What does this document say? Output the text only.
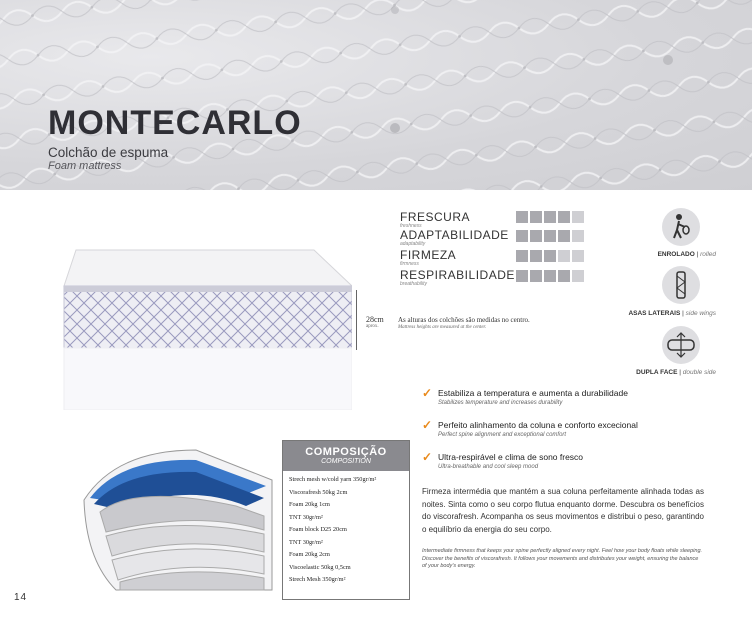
MONTECARLO
Colchão de espuma
Foam mattress
28cm
aprox.
As alturas dos colchões são medidas no centro.
Mattress heights are measured at the center.
FRESCURA
freshness
ADAPTABILIDADE
adaptability
FIRMEZA
firmness
RESPIRABILIDADE
breathability
ENROLADO | rolled
ASAS LATERAIS | side wings
DUPLA FACE | double side
✓ Estabiliza a temperatura e aumenta a durabilidade
Stabilizes temperature and increases durability
✓ Perfeito alinhamento da coluna e conforto excecional
Perfect spine alignment and exceptional comfort
✓ Ultra-respirável e clima de sono fresco
Ultra-breathable and cool sleep mood
COMPOSIÇÃO
COMPOSITION
Strech mesh w/cold yarn 350gr/m²
Viscorafresh 50kg 2cm
Foam 20kg 1cm
TNT 30gr/m²
Foam block D25 20cm
TNT 30gr/m²
Foam 20kg 2cm
Viscoelastic 50kg 0,5cm
Strech Mesh 350gr/m²

Firmeza intermédia que mantém a sua coluna perfeitamente alinhada todas as noites. Sinta como o seu corpo flutua enquanto dorme. Descubra os benefícios do viscorafresh. Acompanha os seus movimentos e distribui o peso, garantindo o equilíbrio da energia do seu corpo.

Intermediate firmness that keeps your spine perfectly aligned every night. Feel how your body floats while sleeping. Discover the benefits of viscorafresh. It follows your movements and distributes your weight, ensuring the balance of your body's energy.

14
